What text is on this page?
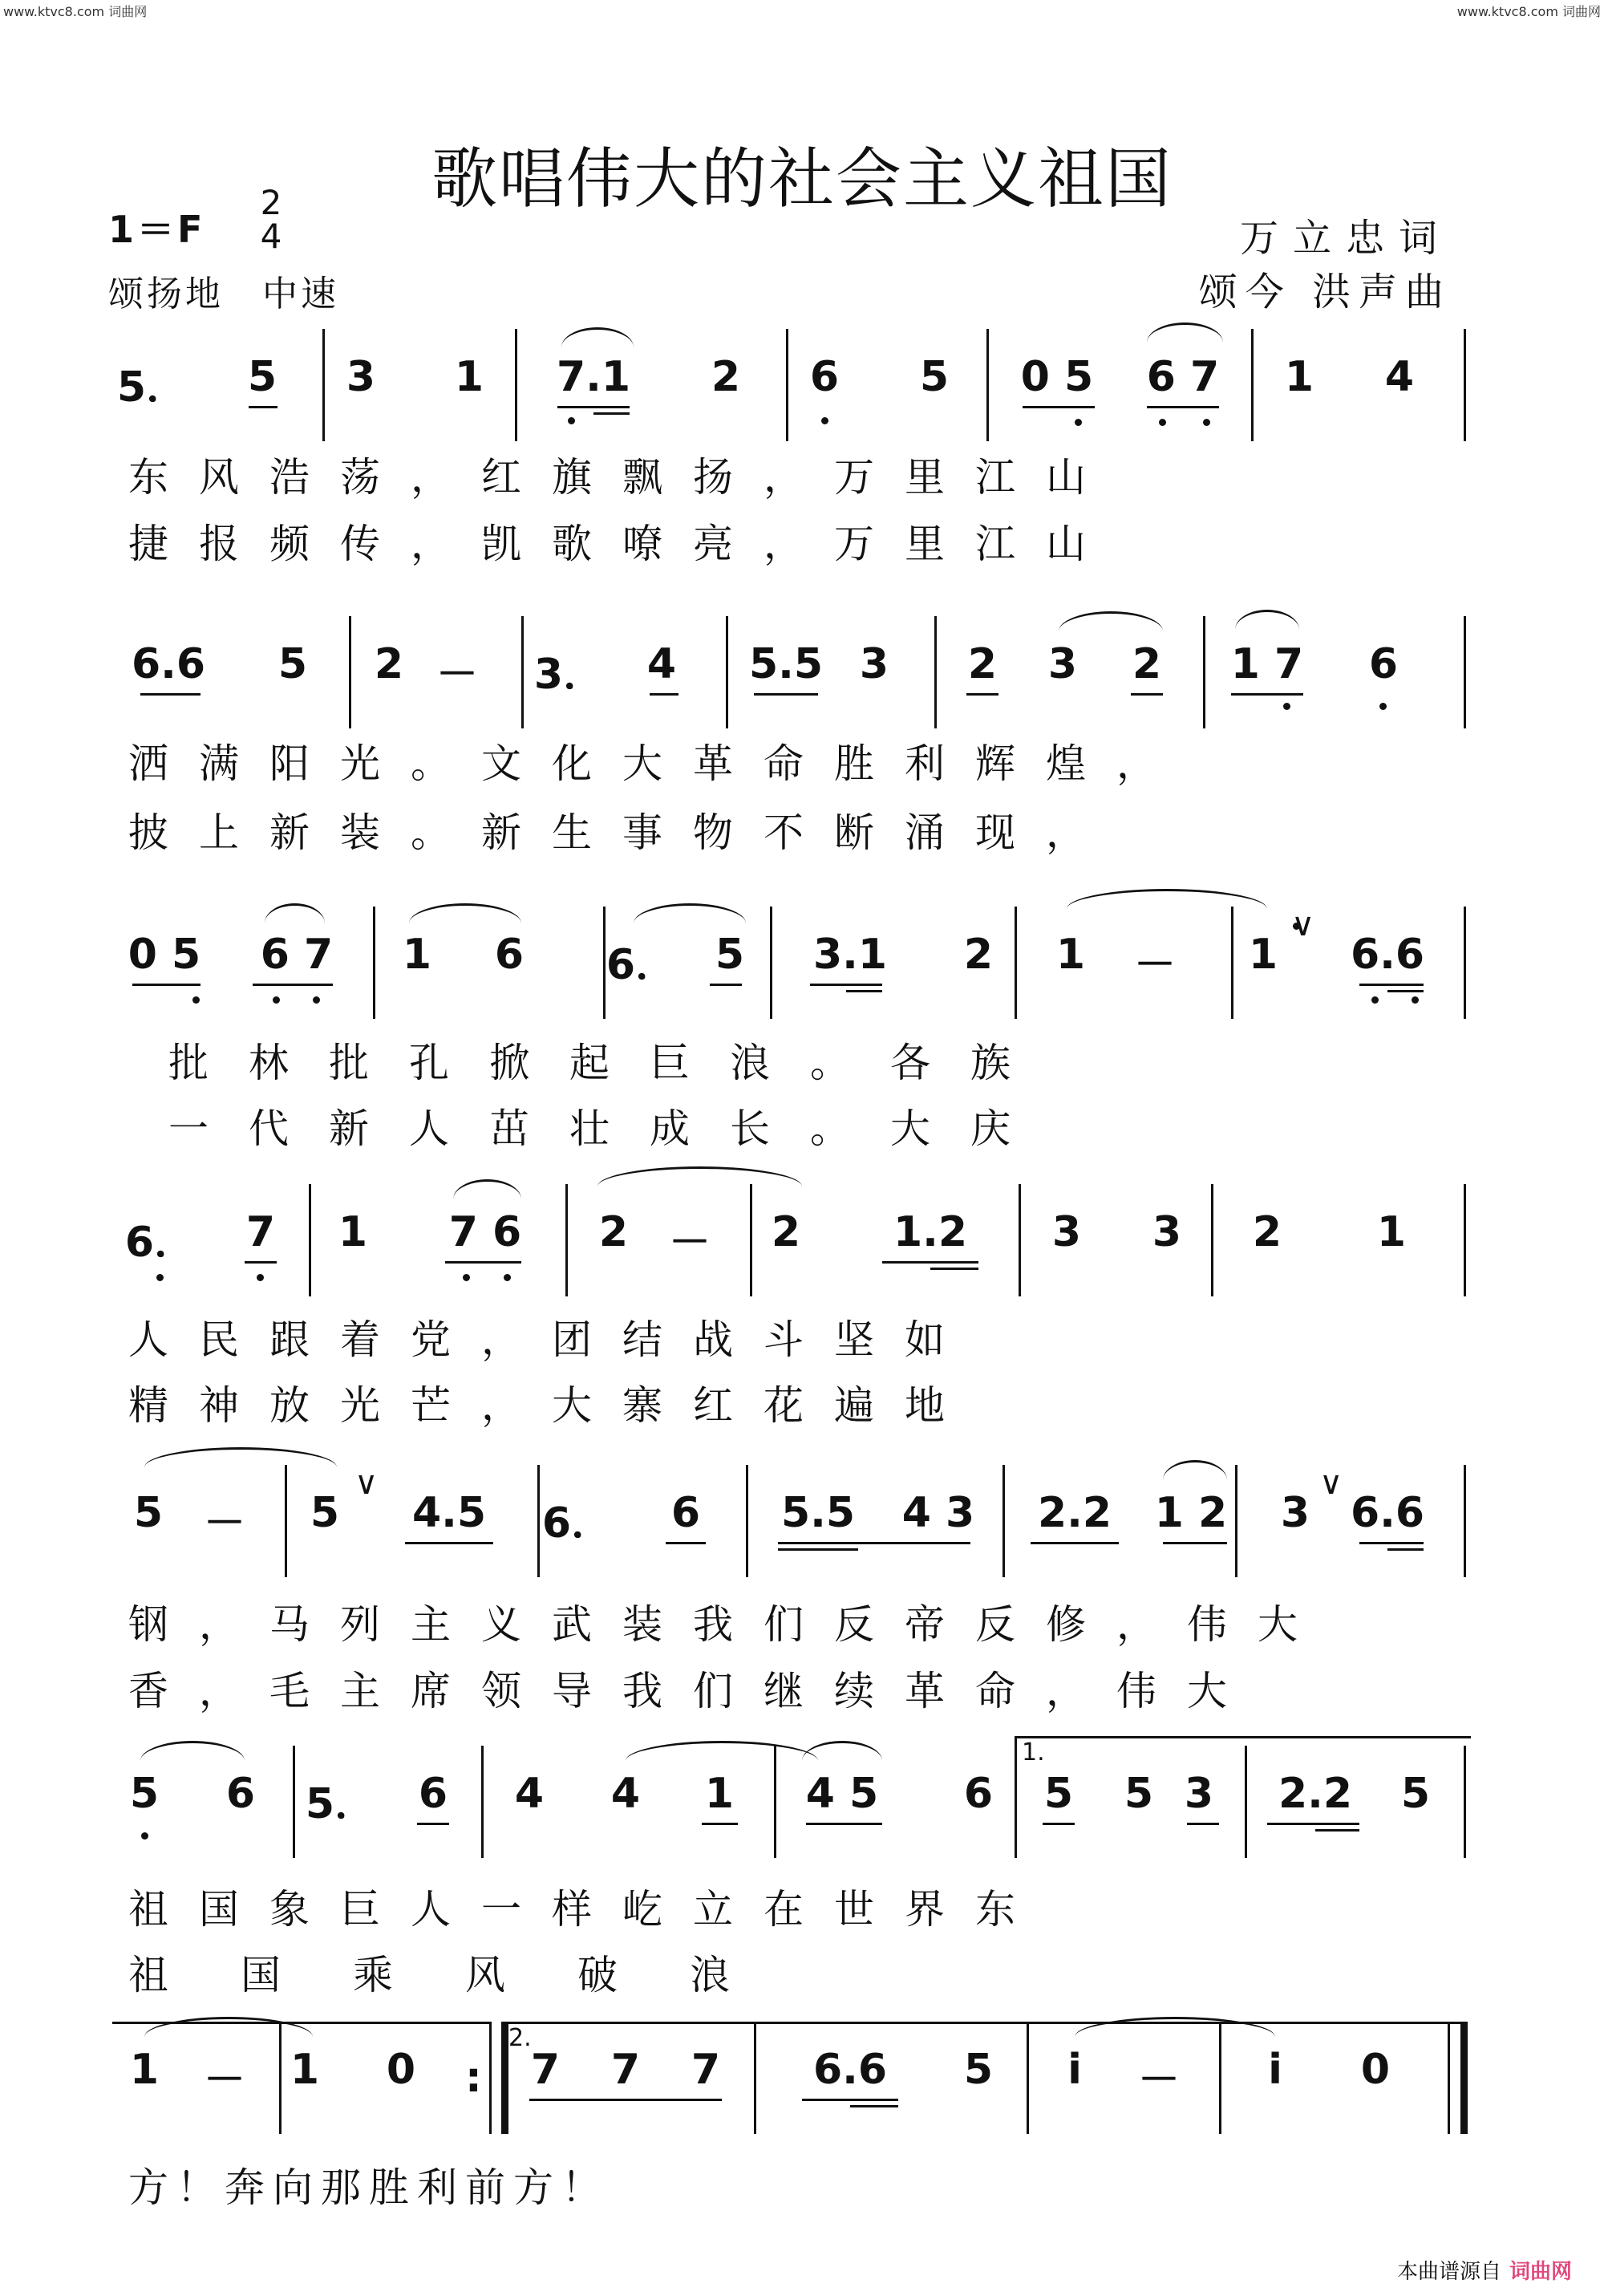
www.ktvc8.com 词曲网	www.ktvc8.com 词曲网
歌唱伟大的社会主义祖国
1＝F
2
4
颂扬地　中速
万立忠词
颂今 洪声曲
5． 5 3 1 7.1 2 6 5 0 5 6 7 1 4
东风浩荡，红旗飘扬，万里江山
捷报频传，凯歌嘹亮，万里江山
6.6 5 2 － 3． 4 5.5 3 2 3 2 1 7 6
洒满阳光。文化大革命胜利辉煌，
披上新装。新生事物不断涌现，
0 5 6 7 1 6 6． 5 3.1 2 1 － 1 6.6
∨
批林批孔掀起巨浪。各族
一代新人茁壮成长。大庆
6． 7 1 7 6 2 － 2 1.2 3 3 2 1
人民跟着党，团结战斗坚如
精神放光芒，大寨红花遍地
5 － 5 4.5 6． 6 5.5 4 3 2.2 1 2 3 6.6
∨	∨
钢，马列主义武装我们反帝反修，伟大
香，毛主席领导我们继续革命，伟大
1.
5 6 5． 6 4 4 1 4 5 6 5 5 3 2.2 5
祖国象巨人一样屹立在世界东
祖国乘风破浪
:
2.
1 － 1 0	7 7 7 6.6 5 i － i 0
方！奔向那胜利前方！
本曲谱源自 词曲网
